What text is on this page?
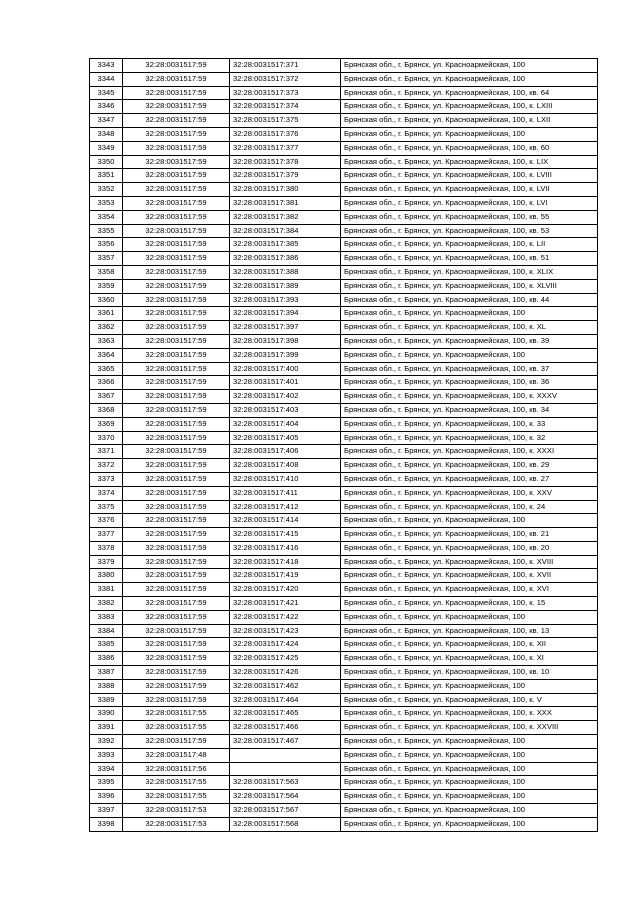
3343	32:28:0031517:59	32:28:0031517:371	Брянская обл., г. Брянск, ул. Красноармейская, 100
3344	32:28:0031517:59	32:28:0031517:372	Брянская обл., г. Брянск, ул. Красноармейская, 100
3345	32:28:0031517:59	32:28:0031517:373	Брянская обл., г. Брянск, ул. Красноармейская, 100, кв. 64
3346	32:28:0031517:59	32:28:0031517:374	Брянская обл., г. Брянск, ул. Красноармейская, 100, к. LXIII
3347	32:28:0031517:59	32:28:0031517:375	Брянская обл., г. Брянск, ул. Красноармейская, 100, к. LXII
3348	32:28:0031517:59	32:28:0031517:376	Брянская обл., г. Брянск, ул. Красноармейская, 100
3349	32:28:0031517:59	32:28:0031517:377	Брянская обл., г. Брянск, ул. Красноармейская, 100, кв. 60
3350	32:28:0031517:59	32:28:0031517:378	Брянская обл., г. Брянск, ул. Красноармейская, 100, к. LIX
3351	32:28:0031517:59	32:28:0031517:379	Брянская обл., г. Брянск, ул. Красноармейская, 100, к. LVIII
3352	32:28:0031517:59	32:28:0031517:380	Брянская обл., г. Брянск, ул. Красноармейская, 100, к. LVII
3353	32:28:0031517:59	32:28:0031517:381	Брянская обл., г. Брянск, ул. Красноармейская, 100, к. LVI
3354	32:28:0031517:59	32:28:0031517:382	Брянская обл., г. Брянск, ул. Красноармейская, 100, кв. 55
3355	32:28:0031517:59	32:28:0031517:384	Брянская обл., г. Брянск, ул. Красноармейская, 100, кв. 53
3356	32:28:0031517:59	32:28:0031517:385	Брянская обл., г. Брянск, ул. Красноармейская, 100, к. LII
3357	32:28:0031517:59	32:28:0031517:386	Брянская обл., г. Брянск, ул. Красноармейская, 100, кв. 51
3358	32:28:0031517:59	32:28:0031517:388	Брянская обл., г. Брянск, ул. Красноармейская, 100, к. XLIX
3359	32:28:0031517:59	32:28:0031517:389	Брянская обл., г. Брянск, ул. Красноармейская, 100, к. XLVIII
3360	32:28:0031517:59	32:28:0031517:393	Брянская обл., г. Брянск, ул. Красноармейская, 100, кв. 44
3361	32:28:0031517:59	32:28:0031517:394	Брянская обл., г. Брянск, ул. Красноармейская, 100
3362	32:28:0031517:59	32:28:0031517:397	Брянская обл., г. Брянск, ул. Красноармейская, 100, к. XL
3363	32:28:0031517:59	32:28:0031517:398	Брянская обл., г. Брянск, ул. Красноармейская, 100, кв. 39
3364	32:28:0031517:59	32:28:0031517:399	Брянская обл., г. Брянск, ул. Красноармейская, 100
3365	32:28:0031517:59	32:28:0031517:400	Брянская обл., г. Брянск, ул. Красноармейская, 100, кв. 37
3366	32:28:0031517:59	32:28:0031517:401	Брянская обл., г. Брянск, ул. Красноармейская, 100, кв. 36
3367	32:28:0031517:59	32:28:0031517:402	Брянская обл., г. Брянск, ул. Красноармейская, 100, к. XXXV
3368	32:28:0031517:59	32:28:0031517:403	Брянская обл., г. Брянск, ул. Красноармейская, 100, кв. 34
3369	32:28:0031517:59	32:28:0031517:404	Брянская обл., г. Брянск, ул. Красноармейская, 100, к. 33
3370	32:28:0031517:59	32:28:0031517:405	Брянская обл., г. Брянск, ул. Красноармейская, 100, к. 32
3371	32:28:0031517:59	32:28:0031517:406	Брянская обл., г. Брянск, ул. Красноармейская, 100, к. XXXI
3372	32:28:0031517:59	32:28:0031517:408	Брянская обл., г. Брянск, ул. Красноармейская, 100, кв. 29
3373	32:28:0031517:59	32:28:0031517:410	Брянская обл., г. Брянск, ул. Красноармейская, 100, кв. 27
3374	32:28:0031517:59	32:28:0031517:411	Брянская обл., г. Брянск, ул. Красноармейская, 100, к. XXV
3375	32:28:0031517:59	32:28:0031517:412	Брянская обл., г. Брянск, ул. Красноармейская, 100, к. 24
3376	32:28:0031517:59	32:28:0031517:414	Брянская обл., г. Брянск, ул. Красноармейская, 100
3377	32:28:0031517:59	32:28:0031517:415	Брянская обл., г. Брянск, ул. Красноармейская, 100, кв. 21
3378	32:28:0031517:59	32:28:0031517:416	Брянская обл., г. Брянск, ул. Красноармейская, 100, кв. 20
3379	32:28:0031517:59	32:28:0031517:418	Брянская обл., г. Брянск, ул. Красноармейская, 100, к. XVIII
3380	32:28:0031517:59	32:28:0031517:419	Брянская обл., г. Брянск, ул. Красноармейская, 100, к. XVII
3381	32:28:0031517:59	32:28:0031517:420	Брянская обл., г. Брянск, ул. Красноармейская, 100, к. XVI
3382	32:28:0031517:59	32:28:0031517:421	Брянская обл., г. Брянск, ул. Красноармейская, 100, к. 15
3383	32:28:0031517:59	32:28:0031517:422	Брянская обл., г. Брянск, ул. Красноармейская, 100
3384	32:28:0031517:59	32:28:0031517:423	Брянская обл., г. Брянск, ул. Красноармейская, 100, кв. 13
3385	32:28:0031517:59	32:28:0031517:424	Брянская обл., г. Брянск, ул. Красноармейская, 100, к. XII
3386	32:28:0031517:59	32:28:0031517:425	Брянская обл., г. Брянск, ул. Красноармейская, 100, к. XI
3387	32:28:0031517:59	32:28:0031517:426	Брянская обл., г. Брянск, ул. Красноармейская, 100, кв. 10
3388	32:28:0031517:59	32:28:0031517:462	Брянская обл., г. Брянск, ул. Красноармейская, 100
3389	32:28:0031517:59	32:28:0031517:464	Брянская обл., г. Брянск, ул. Красноармейская, 100, к. V
3390	32:28:0031517:55	32:28:0031517:465	Брянская обл., г. Брянск, ул. Красноармейская, 100, к. XXX
3391	32:28:0031517:55	32:28:0031517:466	Брянская обл., г. Брянск, ул. Красноармейская, 100, к. XXVIII
3392	32:28:0031517:59	32:28:0031517:467	Брянская обл., г. Брянск, ул. Красноармейская, 100
3393	32:28:0031517:48		Брянская обл., г. Брянск, ул. Красноармейская, 100
3394	32:28:0031517:56		Брянская обл., г. Брянск, ул. Красноармейская, 100
3395	32:28:0031517:55	32:28:0031517:563	Брянская обл., г. Брянск, ул. Красноармейская, 100
3396	32:28:0031517:55	32:28:0031517:564	Брянская обл., г. Брянск, ул. Красноармейская, 100
3397	32:28:0031517:53	32:28:0031517:567	Брянская обл., г. Брянск, ул. Красноармейская, 100
3398	32:28:0031517:53	32:28:0031517:568	Брянская обл., г. Брянск, ул. Красноармейская, 100
